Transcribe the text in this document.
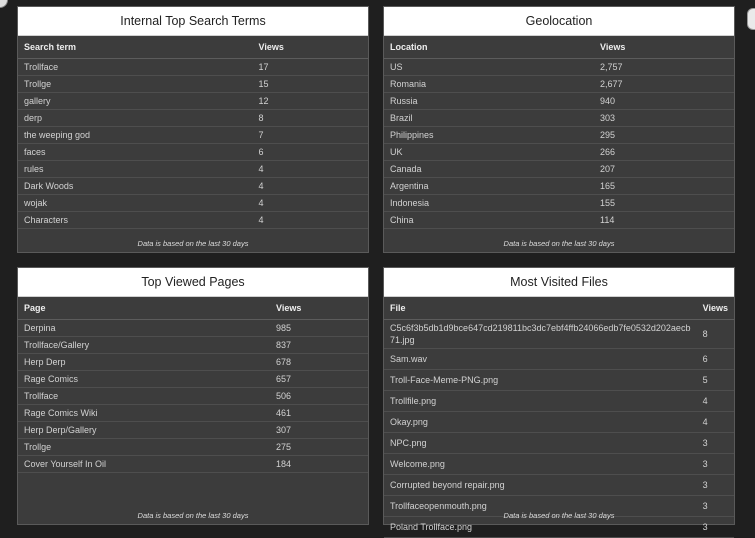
Internal Top Search Terms
Search term	Views
Trollface	17
Trollge	15
gallery	12
derp	8
the weeping god	7
faces	6
rules	4
Dark Woods	4
wojak	4
Characters	4
Data is based on the last 30 days
Geolocation
Location	Views
US	2,757
Romania	2,677
Russia	940
Brazil	303
Philippines	295
UK	266
Canada	207
Argentina	165
Indonesia	155
China	114
Data is based on the last 30 days
Top Viewed Pages
Page	Views
Derpina	985
Trollface/Gallery	837
Herp Derp	678
Rage Comics	657
Trollface	506
Rage Comics Wiki	461
Herp Derp/Gallery	307
Trollge	275
Cover Yourself In Oil	184
Data is based on the last 30 days
Most Visited Files
File	Views
C5c6f3b5db1d9bce647cd219811bc3dc7ebf4ffb24066edb7fe0532d202aecb71.jpg	8
Sam.wav	6
Troll-Face-Meme-PNG.png	5
Trollfile.png	4
Okay.png	4
NPC.png	3
Welcome.png	3
Corrupted beyond repair.png	3
Trollfaceopenmouth.png	3
Poland Trollface.png	3
Data is based on the last 30 days
